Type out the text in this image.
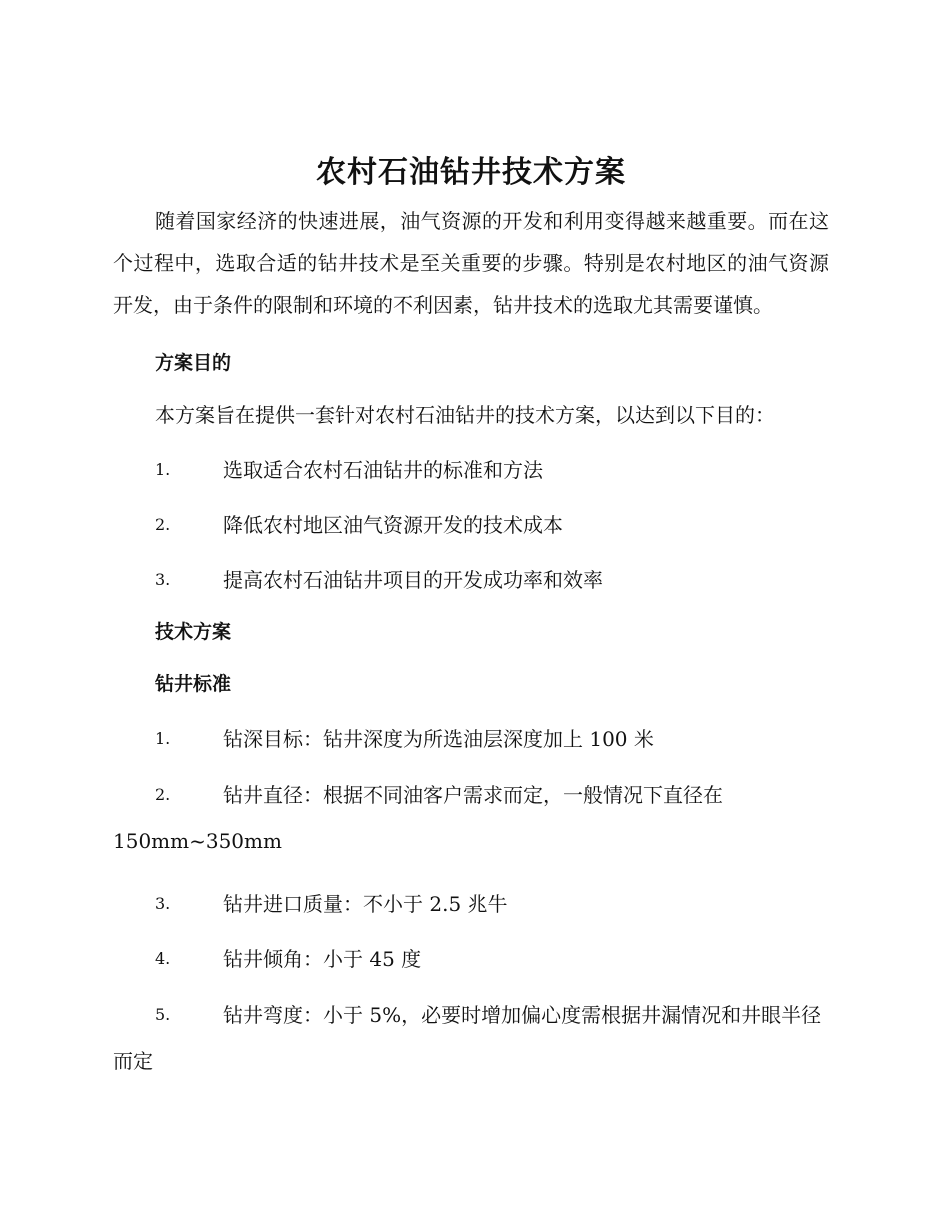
农村石油钻井技术方案

随着国家经济的快速进展，油气资源的开发和利用变得越来越重要。而在这个过程中，选取合适的钻井技术是至关重要的步骤。特别是农村地区的油气资源开发，由于条件的限制和环境的不利因素，钻井技术的选取尤其需要谨慎。

方案目的
本方案旨在提供一套针对农村石油钻井的技术方案，以达到以下目的：
1.	选取适合农村石油钻井的标准和方法
2.	降低农村地区油气资源开发的技术成本
3.	提高农村石油钻井项目的开发成功率和效率
技术方案
钻井标准
1.	钻深目标：钻井深度为所选油层深度加上 100 米
2.	钻井直径：根据不同油客户需求而定，一般情况下直径在 150mm~350mm
3.	钻井进口质量：不小于 2.5 兆牛
4.	钻井倾角：小于 45 度
5.	钻井弯度：小于 5%，必要时增加偏心度需根据井漏情况和井眼半径而定
